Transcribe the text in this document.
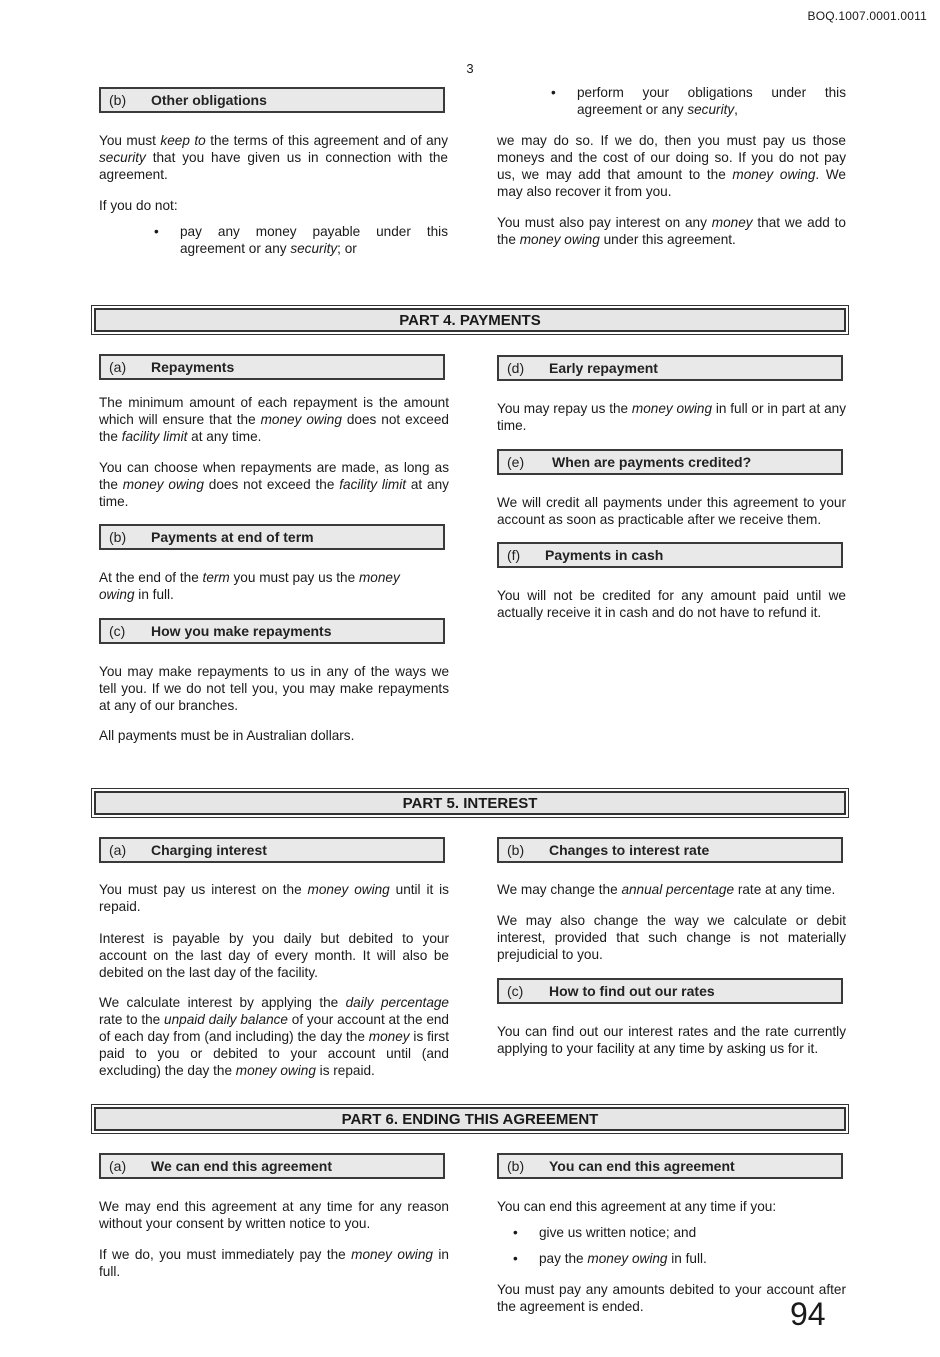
BOQ.1007.0001.0011
3
(b) Other obligations

You must keep to the terms of this agreement and of any security that you have given us in connection with the agreement.

If you do not:

• pay any money payable under this agreement or any security; or

• perform your obligations under this agreement or any security,

we may do so. If we do, then you must pay us those moneys and the cost of our doing so. If you do not pay us, we may add that amount to the money owing. We may also recover it from you.

You must also pay interest on any money that we add to the money owing under this agreement.

PART 4. PAYMENTS
(a) Repayments

The minimum amount of each repayment is the amount which will ensure that the money owing does not exceed the facility limit at any time.

You can choose when repayments are made, as long as the money owing does not exceed the facility limit at any time.

(b) Payments at end of term

At the end of the term you must pay us the money owing in full.

(c) How you make repayments

You may make repayments to us in any of the ways we tell you. If we do not tell you, you may make repayments at any of our branches.

All payments must be in Australian dollars.

(d) Early repayment

You may repay us the money owing in full or in part at any time.

(e) When are payments credited?

We will credit all payments under this agreement to your account as soon as practicable after we receive them.

(f) Payments in cash

You will not be credited for any amount paid until we actually receive it in cash and do not have to refund it.

PART 5. INTEREST
(a) Charging interest

You must pay us interest on the money owing until it is repaid.

Interest is payable by you daily but debited to your account on the last day of every month. It will also be debited on the last day of the facility.

We calculate interest by applying the daily percentage rate to the unpaid daily balance of your account at the end of each day from (and including) the day the money is first paid to you or debited to your account until (and excluding) the day the money owing is repaid.

(b) Changes to interest rate

We may change the annual percentage rate at any time.

We may also change the way we calculate or debit interest, provided that such change is not materially prejudicial to you.

(c) How to find out our rates

You can find out our interest rates and the rate currently applying to your facility at any time by asking us for it.

PART 6. ENDING THIS AGREEMENT
(a) We can end this agreement

We may end this agreement at any time for any reason without your consent by written notice to you.

If we do, you must immediately pay the money owing in full.

(b) You can end this agreement

You can end this agreement at any time if you:

• give us written notice; and

• pay the money owing in full.

You must pay any amounts debited to your account after the agreement is ended.	94
